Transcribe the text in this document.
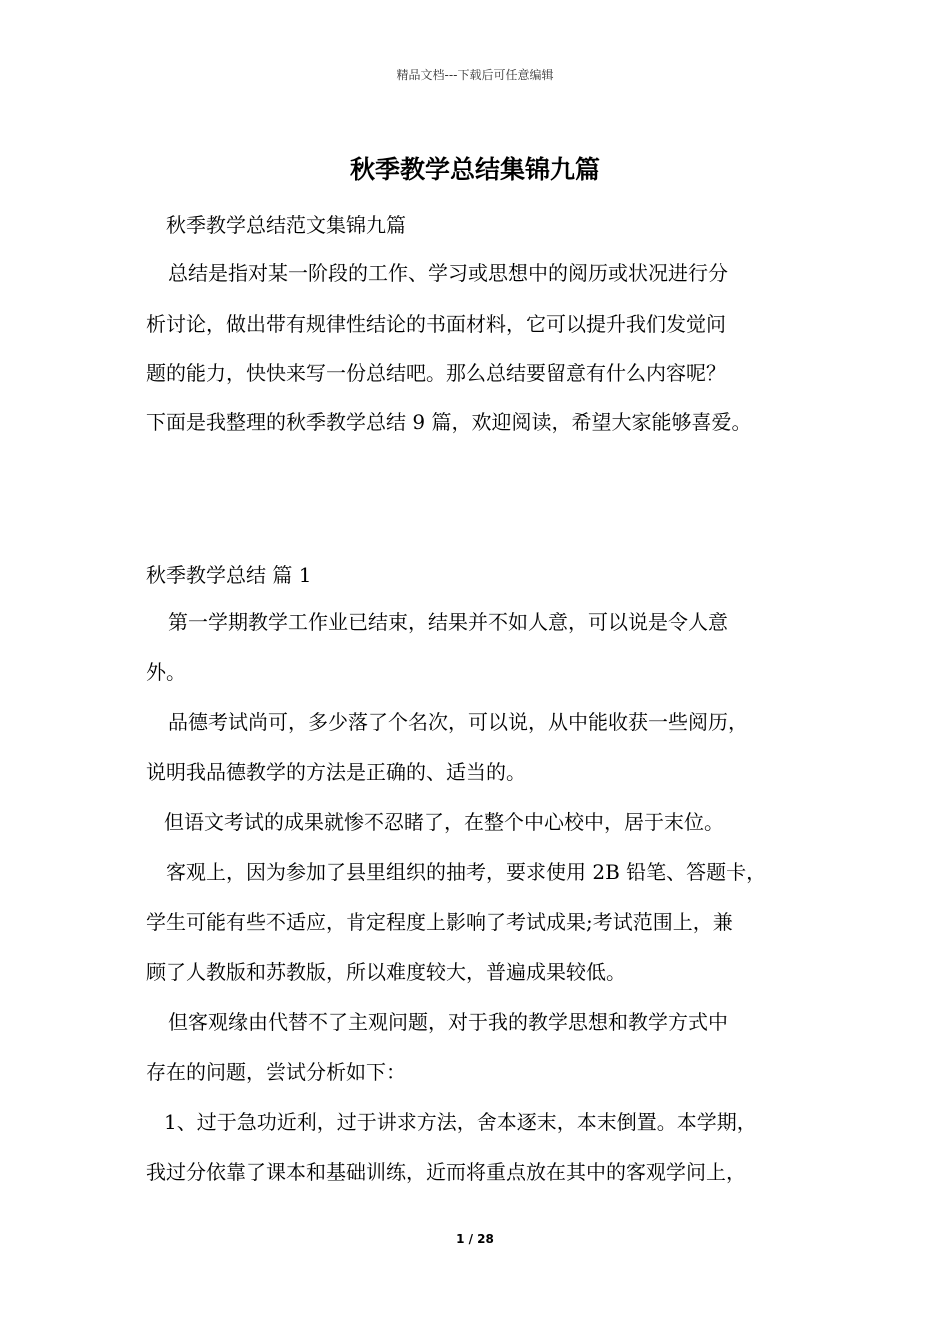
精品文档---下载后可任意编辑
秋季教学总结集锦九篇
秋季教学总结范文集锦九篇
总结是指对某一阶段的工作、学习或思想中的阅历或状况进行分
析讨论，做出带有规律性结论的书面材料，它可以提升我们发觉问
题的能力，快快来写一份总结吧。那么总结要留意有什么内容呢？
下面是我整理的秋季教学总结 9 篇，欢迎阅读，希望大家能够喜爱。
秋季教学总结 篇 1
第一学期教学工作业已结束，结果并不如人意，可以说是令人意
外。
品德考试尚可，多少落了个名次，可以说，从中能收获一些阅历，
说明我品德教学的方法是正确的、适当的。
但语文考试的成果就惨不忍睹了，在整个中心校中，居于末位。
客观上，因为参加了县里组织的抽考，要求使用 2B 铅笔、答题卡，
学生可能有些不适应，肯定程度上影响了考试成果;考试范围上，兼
顾了人教版和苏教版，所以难度较大，普遍成果较低。
但客观缘由代替不了主观问题，对于我的教学思想和教学方式中
存在的问题，尝试分析如下：
1、过于急功近利，过于讲求方法，舍本逐末，本末倒置。本学期，
我过分依靠了课本和基础训练，近而将重点放在其中的客观学问上，
1 / 28
